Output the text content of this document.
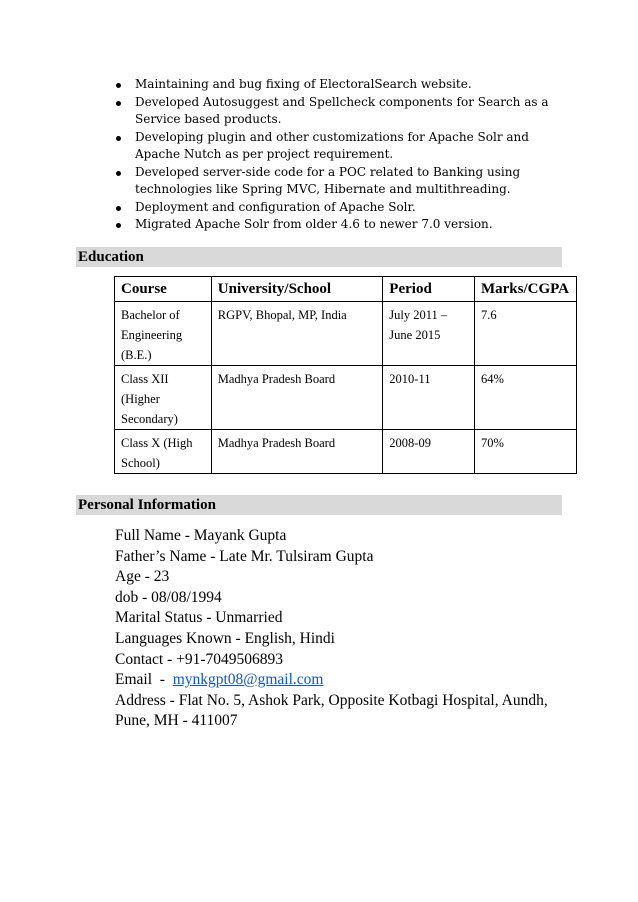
Maintaining and bug fixing of ElectoralSearch website.
Developed Autosuggest and Spellcheck components for Search as a Service based products.
Developing plugin and other customizations for Apache Solr and Apache Nutch as per project requirement.
Developed server-side code for a POC related to Banking using technologies like Spring MVC, Hibernate and multithreading.
Deployment and configuration of Apache Solr.
Migrated Apache Solr from older 4.6 to newer 7.0 version.
Education
Course	University/School	Period	Marks/CGPA
Bachelor of Engineering (B.E.)	RGPV, Bhopal, MP, India	July 2011 – June 2015	7.6
Class XII (Higher Secondary)	Madhya Pradesh Board	2010-11	64%
Class X (High School)	Madhya Pradesh Board	2008-09	70%
Personal Information
Full Name - Mayank Gupta
Father’s Name - Late Mr. Tulsiram Gupta
Age - 23
dob - 08/08/1994
Marital Status - Unmarried
Languages Known - English, Hindi
Contact - +91-7049506893
Email  -  mynkgpt08@gmail.com
Address - Flat No. 5, Ashok Park, Opposite Kotbagi Hospital, Aundh,
Pune, MH - 411007
